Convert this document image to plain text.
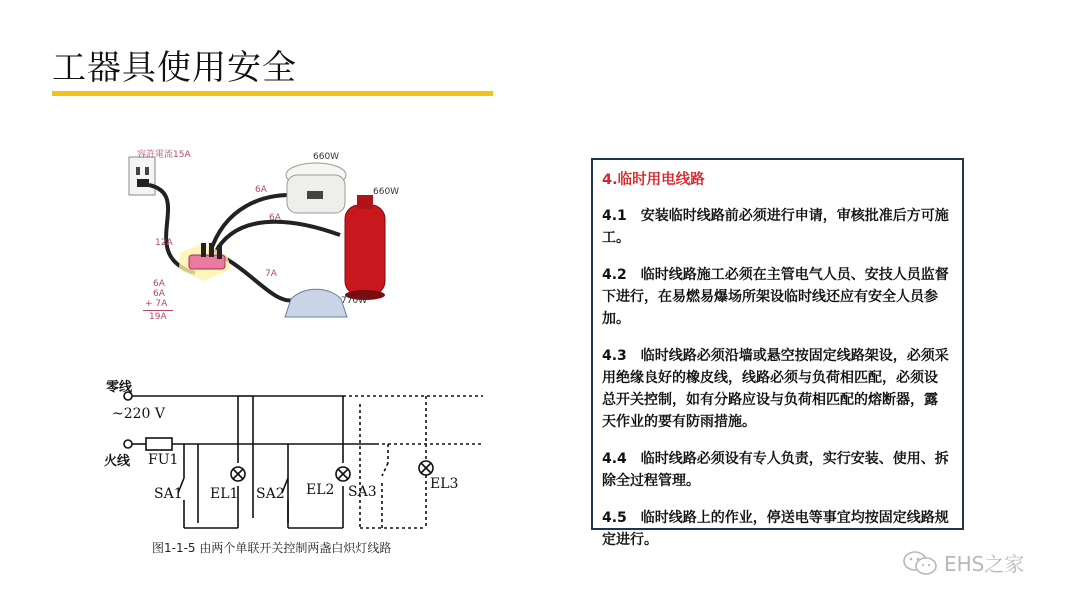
工器具使用安全
容許電流15A
12A
6A
6A
7A
660W
660W
770W
6A
6A
+ 7A
19A
零线
~220 V
火线 FU1
SA1 EL1 SA2 EL2 SA3	EL3
图1-1-5 由两个单联开关控制两盏白炽灯线路
4.临时用电线路
4.1　安装临时线路前必须进行申请，审核批准后方可施工。
4.2　临时线路施工必须在主管电气人员、安技人员监督下进行，在易燃易爆场所架设临时线还应有安全人员参加。
4.3　临时线路必须沿墙或悬空按固定线路架设，必须采用绝缘良好的橡皮线，线路必须与负荷相匹配，必须设总开关控制，如有分路应设与负荷相匹配的熔断器，露天作业的要有防雨措施。
4.4　临时线路必须设有专人负责，实行安装、使用、拆除全过程管理。
4.5　临时线路上的作业，停送电等事宜均按固定线路规定进行。
EHS之家
